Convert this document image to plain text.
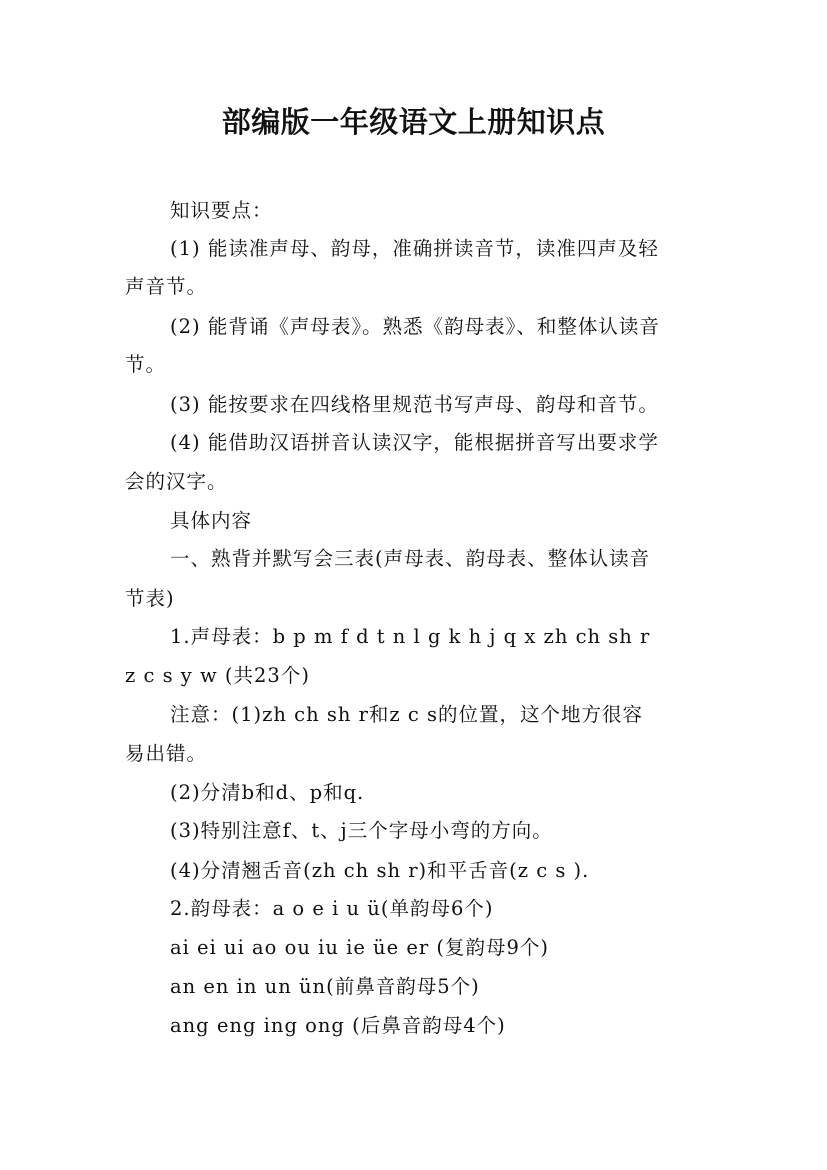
部编版一年级语文上册知识点
知识要点：
(1) 能读准声母、韵母，准确拼读音节，读准四声及轻
声音节。
(2) 能背诵《声母表》。熟悉《韵母表》、和整体认读音
节。
(3) 能按要求在四线格里规范书写声母、韵母和音节。
(4) 能借助汉语拼音认读汉字，能根据拼音写出要求学
会的汉字。
具体内容
一、熟背并默写会三表(声母表、韵母表、整体认读音
节表)
1.声母表：b p m f d t n l g k h j q x zh ch sh r
z c s y w (共23个)
注意：(1)zh ch sh r和z c s的位置，这个地方很容
易出错。
(2)分清b和d、p和q.
(3)特别注意f、t、j三个字母小弯的方向。
(4)分清翘舌音(zh ch sh r)和平舌音(z c s ).
2.韵母表：a o e i u ü(单韵母6个)
ai ei ui ao ou iu ie üe er (复韵母9个)
an en in un ün(前鼻音韵母5个)
ang eng ing ong (后鼻音韵母4个)
